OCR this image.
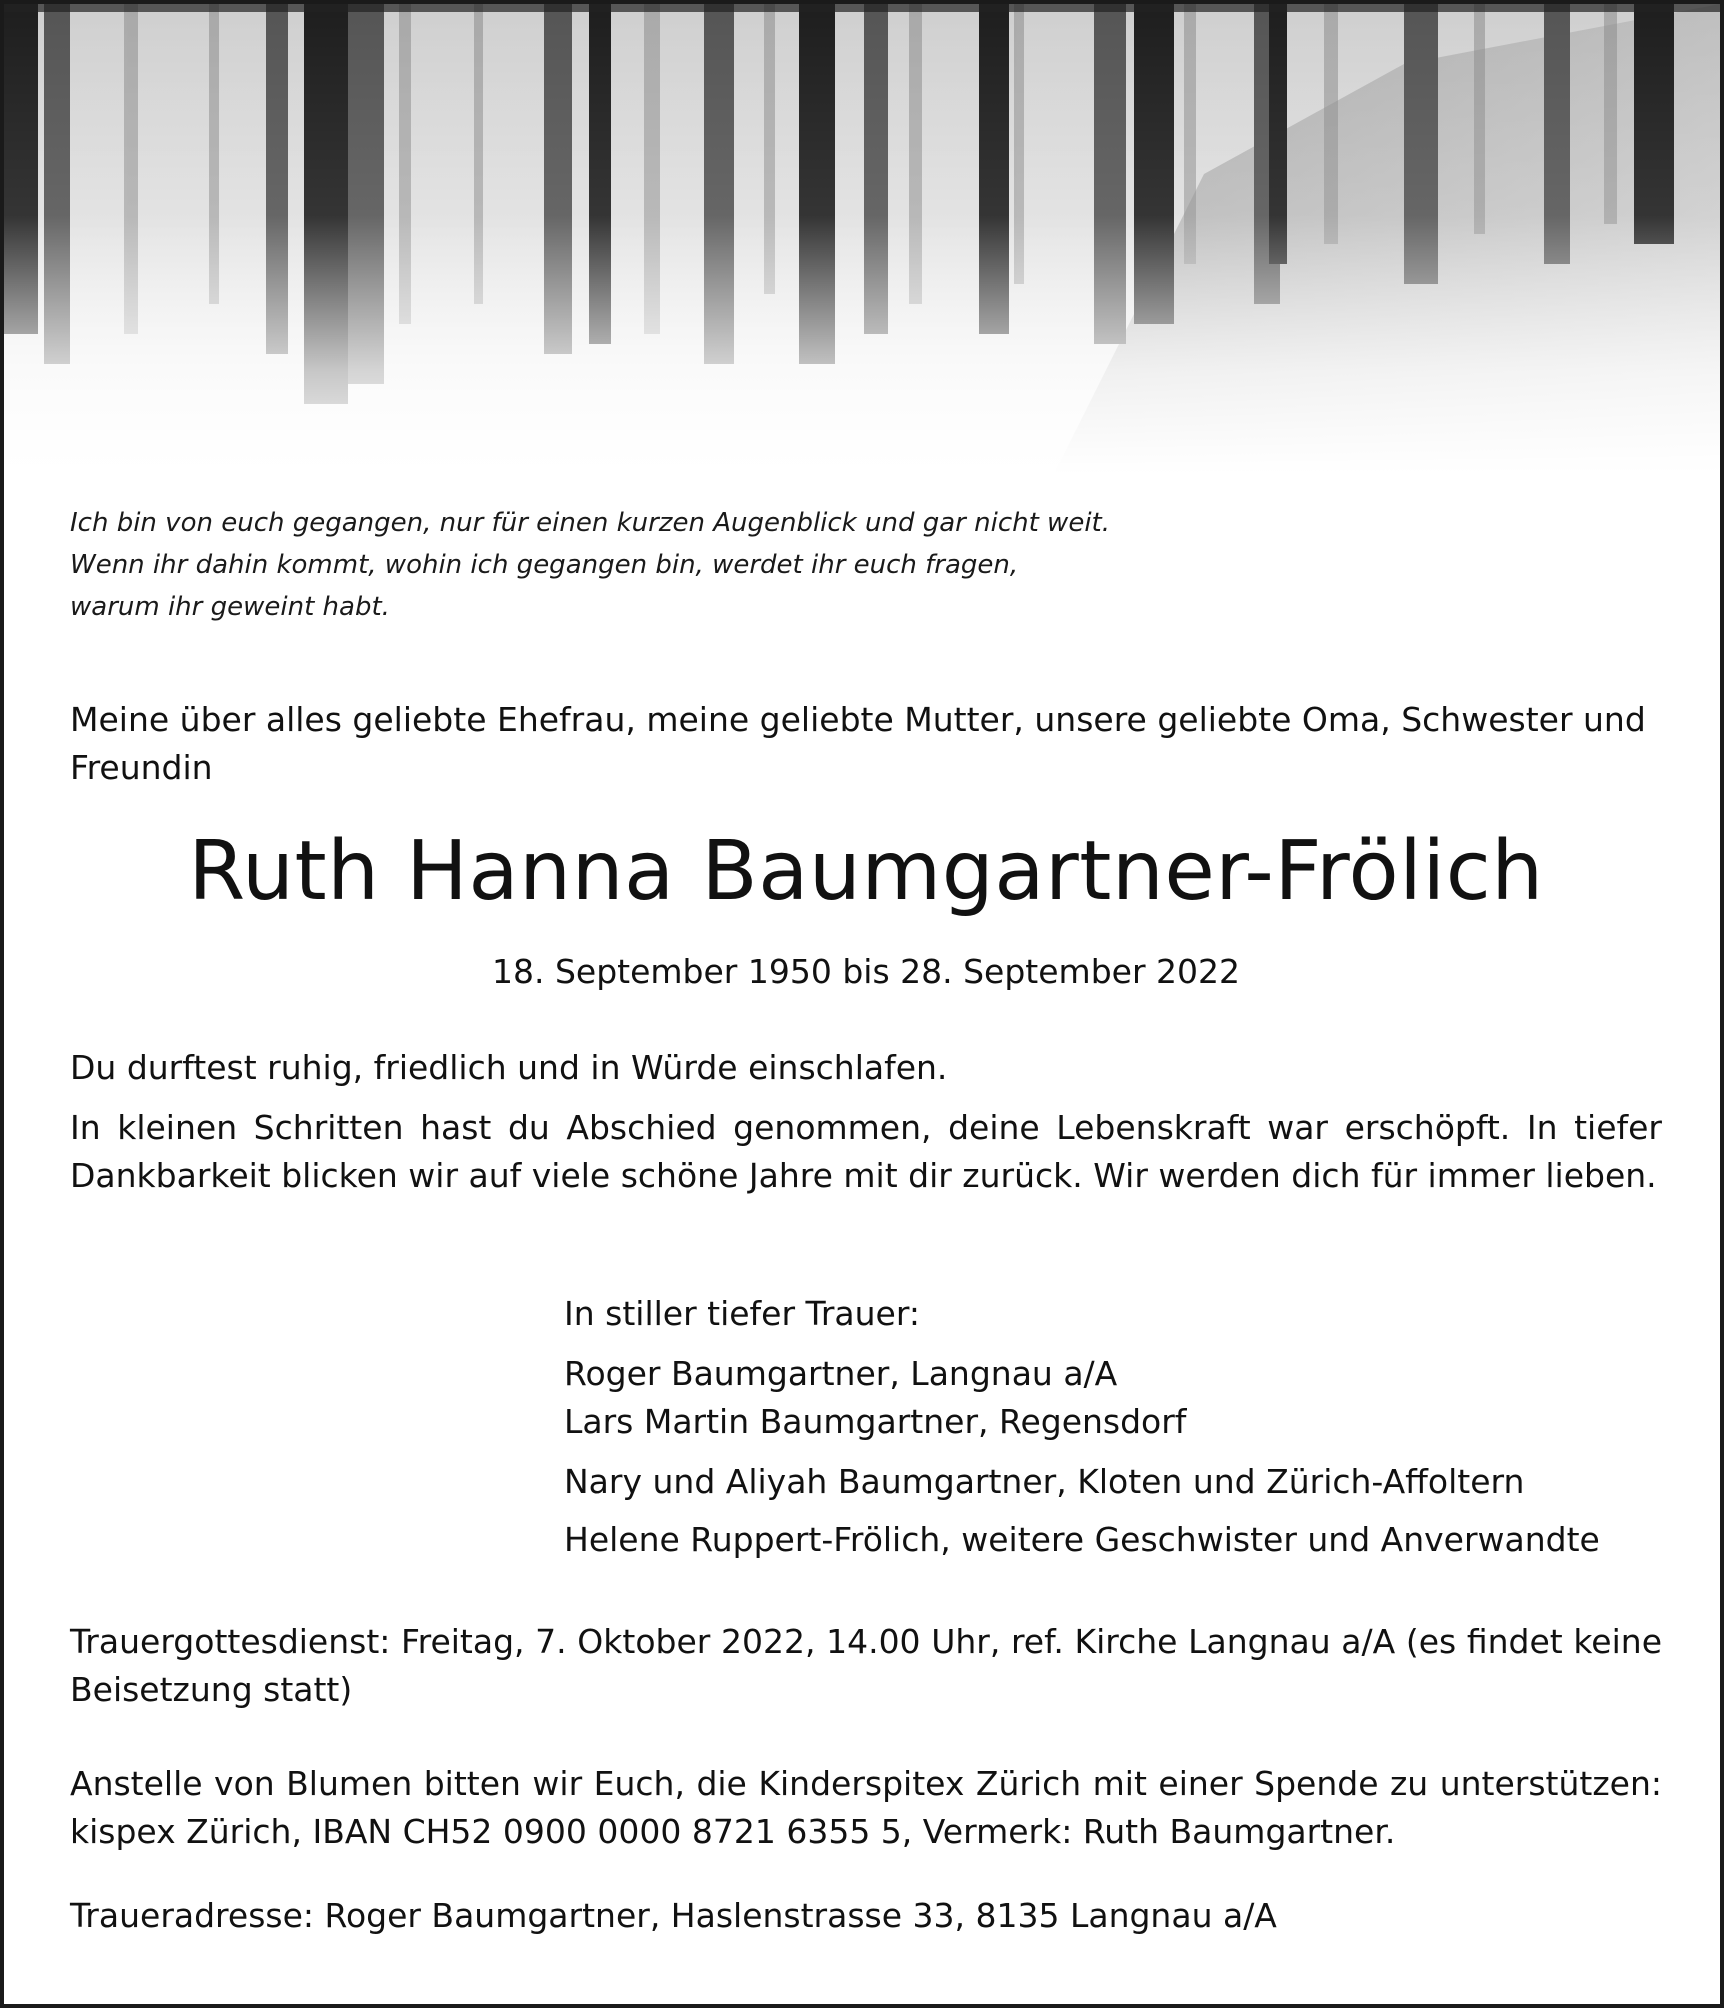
Ich bin von euch gegangen, nur für einen kurzen Augenblick und gar nicht weit.
Wenn ihr dahin kommt, wohin ich gegangen bin, werdet ihr euch fragen,
warum ihr geweint habt.
Meine über alles geliebte Ehefrau, meine geliebte Mutter, unsere geliebte Oma, Schwester und Freundin
Ruth Hanna Baumgartner-Frölich
18. September 1950 bis 28. September 2022
Du durftest ruhig, friedlich und in Würde einschlafen.
In kleinen Schritten hast du Abschied genommen, deine Lebenskraft war erschöpft. In tiefer Dankbarkeit blicken wir auf viele schöne Jahre mit dir zurück. Wir werden dich für immer lieben.
In stiller tiefer Trauer:
Roger Baumgartner, Langnau a/A
Lars Martin Baumgartner, Regensdorf
Nary und Aliyah Baumgartner, Kloten und Zürich-Affoltern
Helene Ruppert-Frölich, weitere Geschwister und Anverwandte
Trauergottesdienst: Freitag, 7. Oktober 2022, 14.00 Uhr, ref. Kirche Langnau a/A (es findet keine Beisetzung statt)
Anstelle von Blumen bitten wir Euch, die Kinderspitex Zürich mit einer Spende zu unterstützen: kispex Zürich, IBAN CH52 0900 0000 8721 6355 5, Vermerk: Ruth Baumgartner.
Traueradresse: Roger Baumgartner, Haslenstrasse 33, 8135 Langnau a/A
